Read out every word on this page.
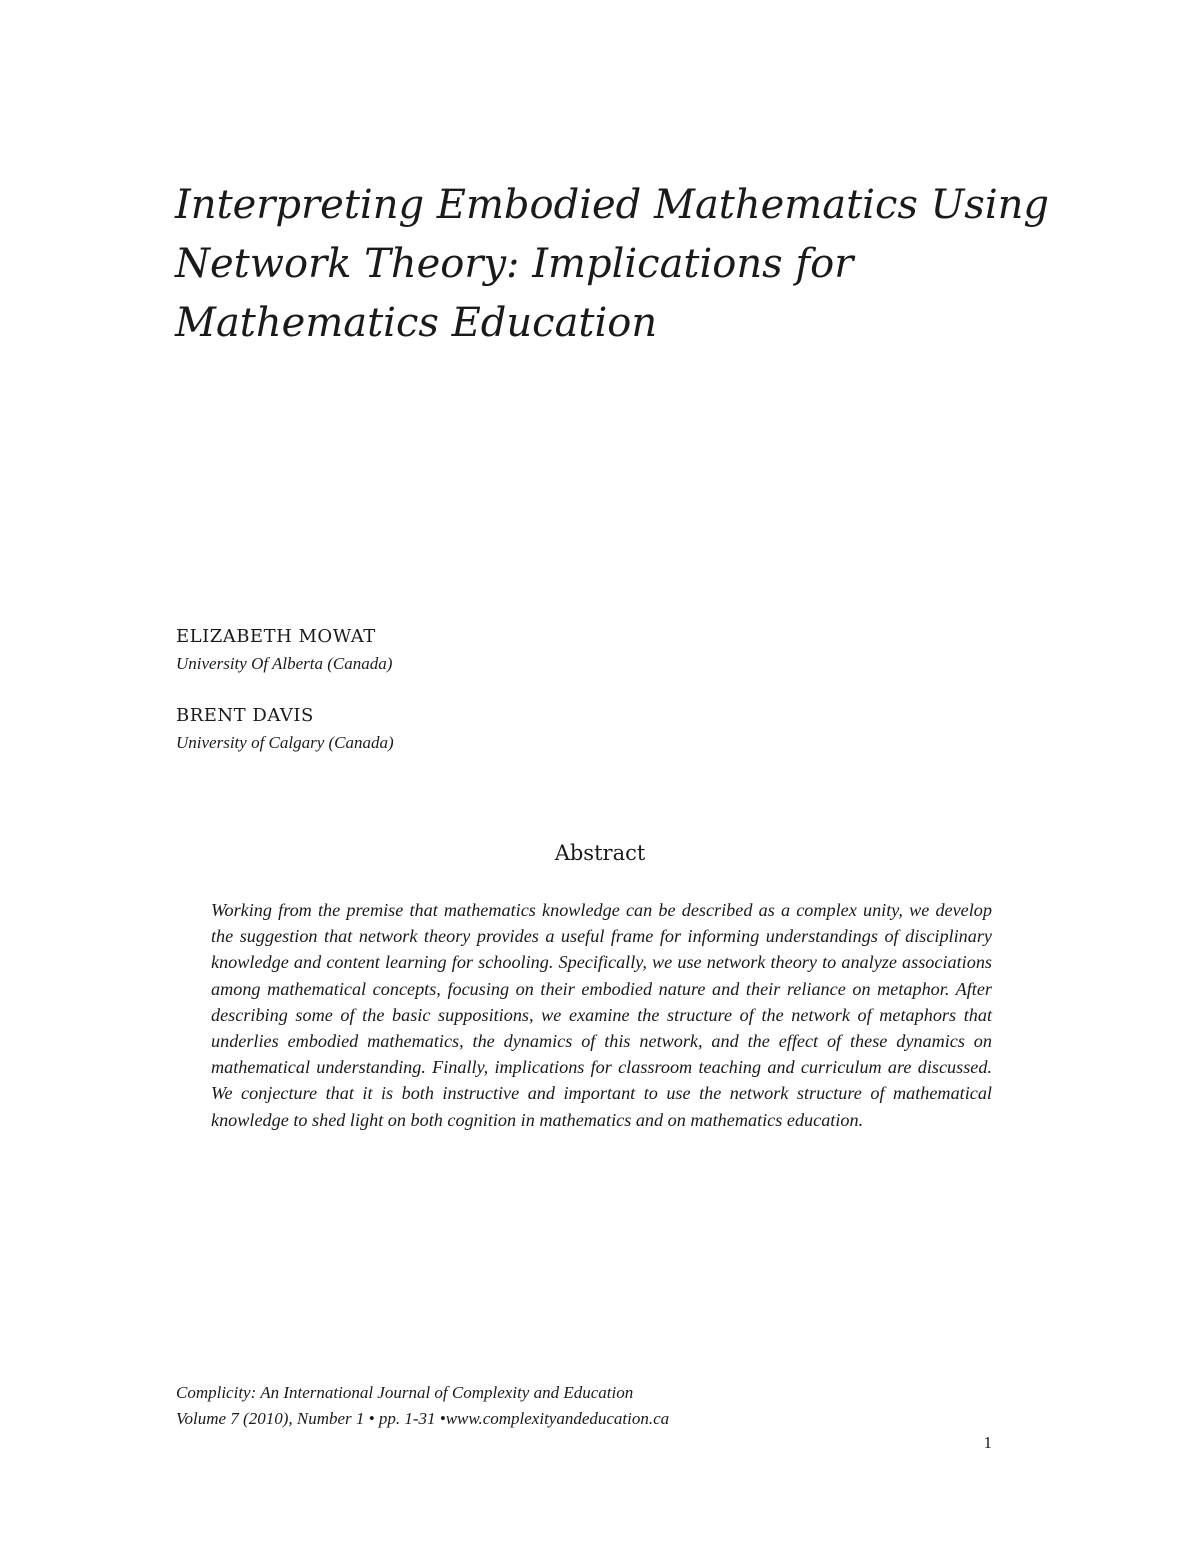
Interpreting Embodied Mathematics Using Network Theory: Implications for Mathematics Education
ELIZABETH MOWAT
University Of Alberta (Canada)
BRENT DAVIS
University of Calgary (Canada)
Abstract

Working from the premise that mathematics knowledge can be described as a complex unity, we develop the suggestion that network theory provides a useful frame for informing understandings of disciplinary knowledge and content learning for schooling. Specifically, we use network theory to analyze associations among mathematical concepts, focusing on their embodied nature and their reliance on metaphor. After describing some of the basic suppositions, we examine the structure of the network of metaphors that underlies embodied mathematics, the dynamics of this network, and the effect of these dynamics on mathematical understanding. Finally, implications for classroom teaching and curriculum are discussed. We conjecture that it is both instructive and important to use the network structure of mathematical knowledge to shed light on both cognition in mathematics and on mathematics education.

Complicity: An International Journal of Complexity and Education
Volume 7 (2010), Number 1 • pp. 1-31 •www.complexityandeducation.ca
1
